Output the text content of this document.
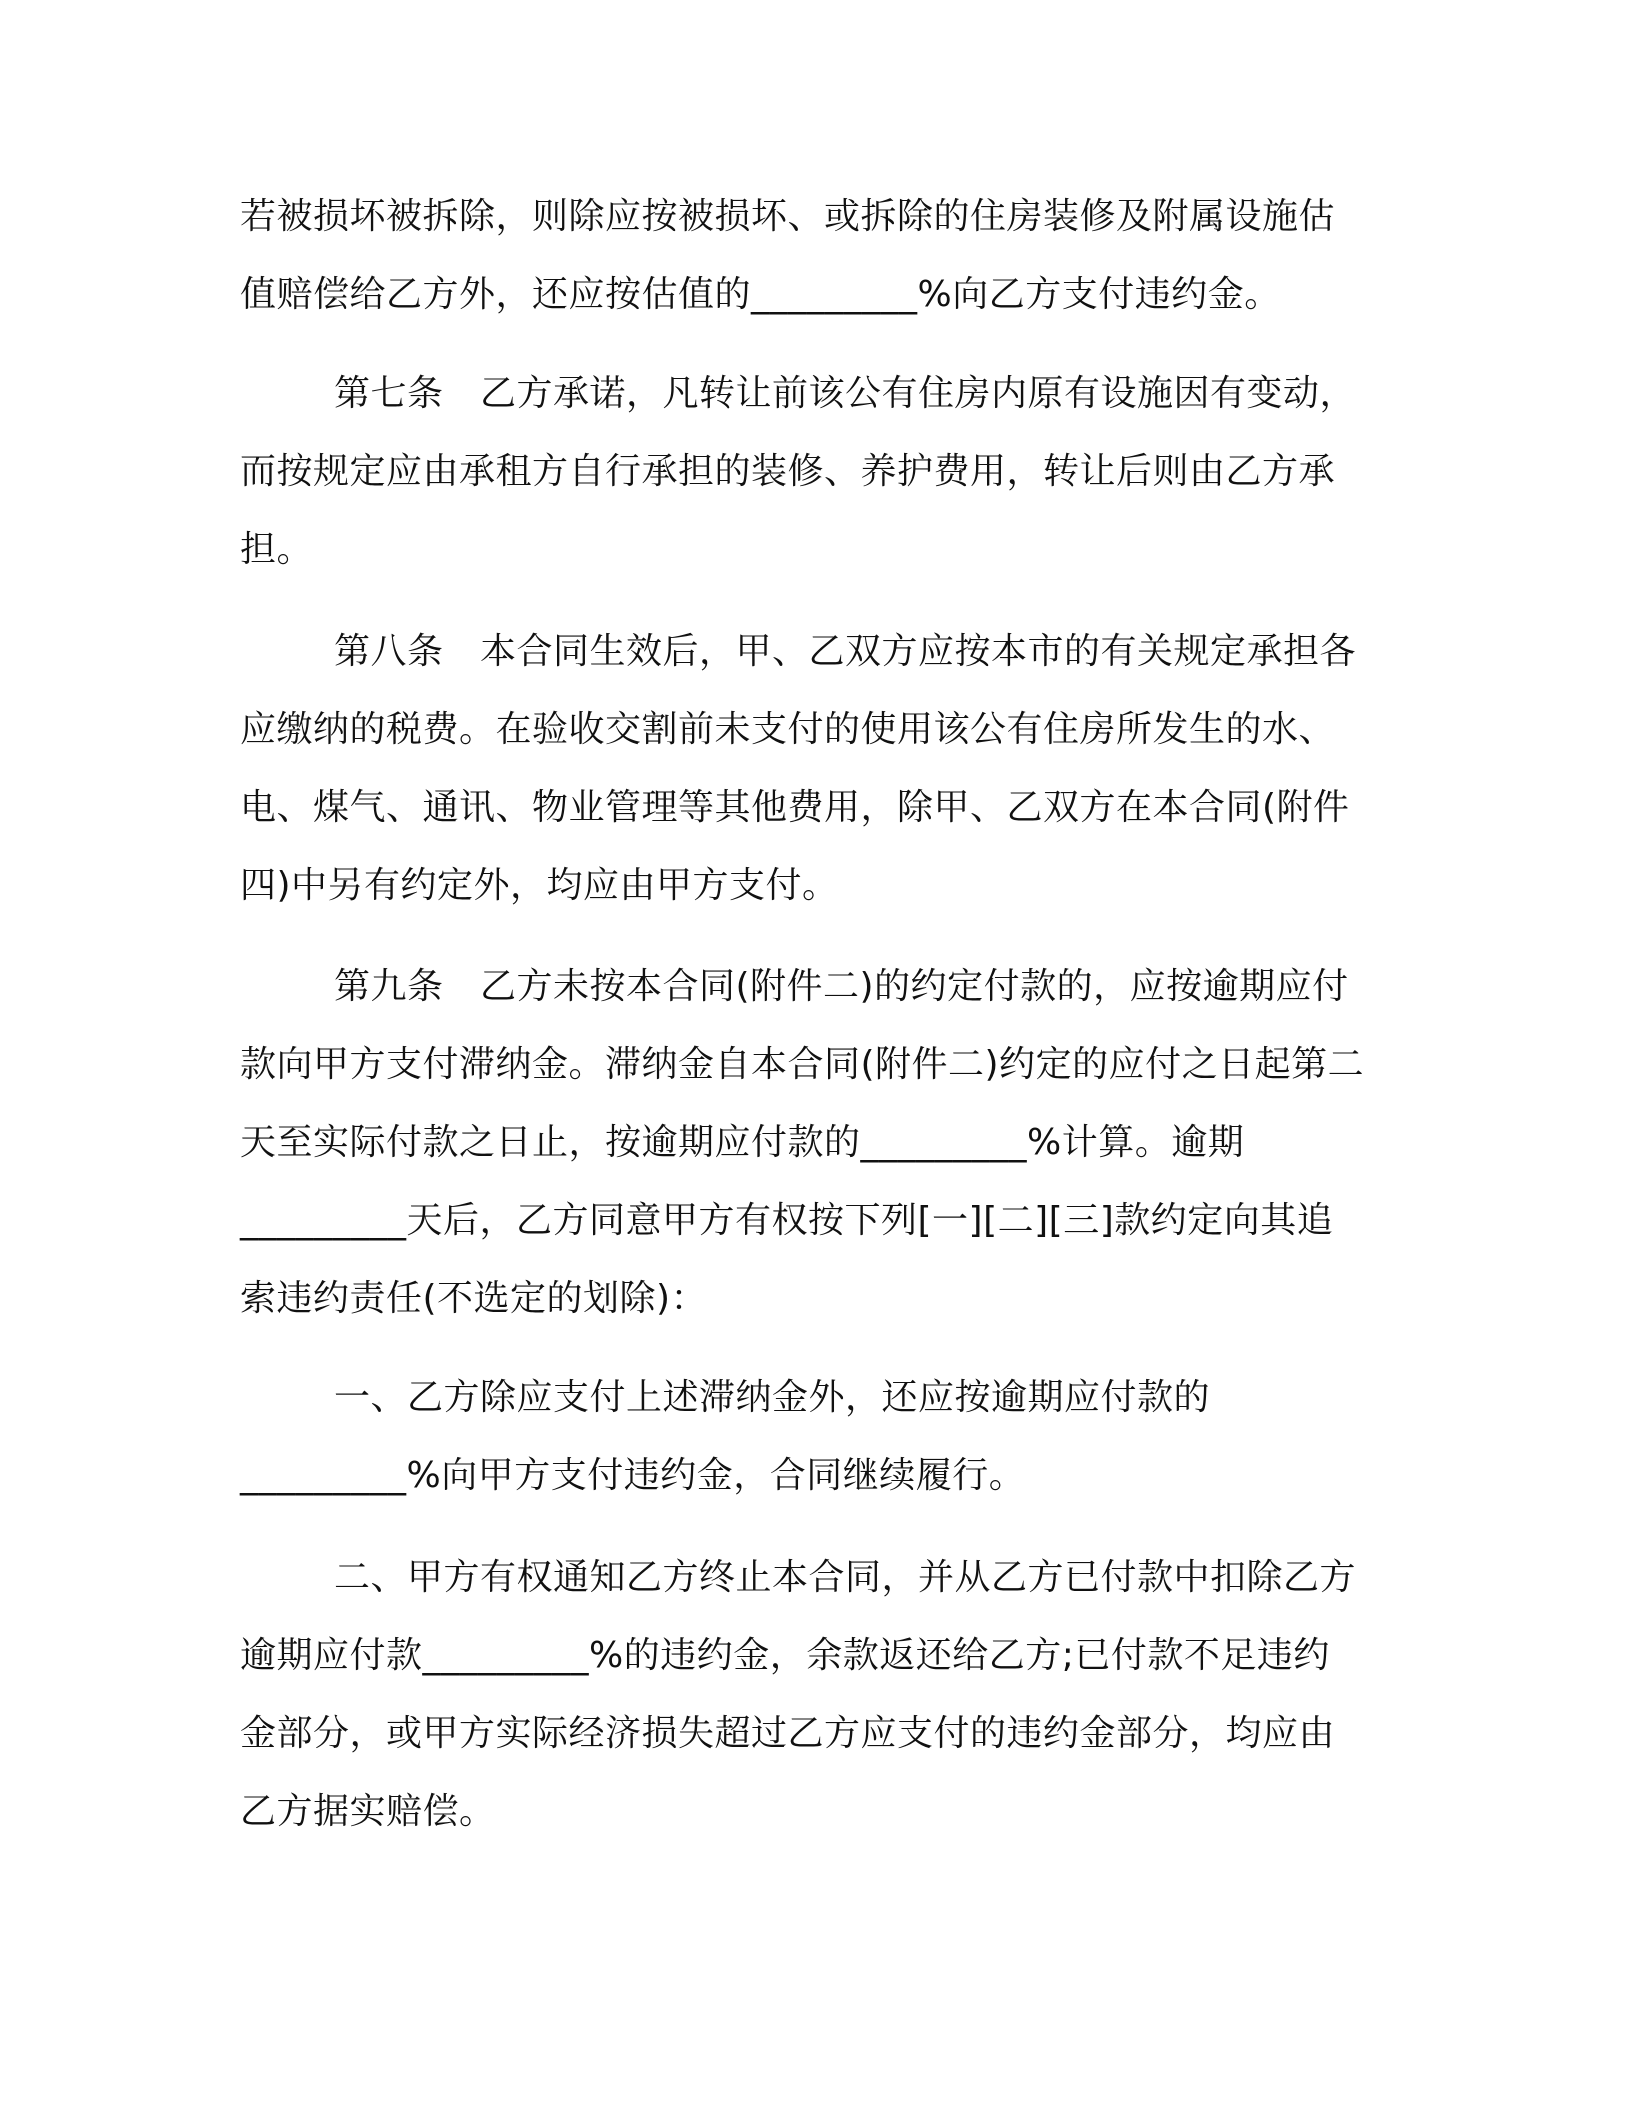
若被损坏被拆除，则除应按被损坏、或拆除的住房装修及附属设施估
值赔偿给乙方外，还应按估值的_________%向乙方支付违约金。
第七条　乙方承诺，凡转让前该公有住房内原有设施因有变动，
而按规定应由承租方自行承担的装修、养护费用，转让后则由乙方承
担。
第八条　本合同生效后，甲、乙双方应按本市的有关规定承担各
应缴纳的税费。在验收交割前未支付的使用该公有住房所发生的水、
电、煤气、通讯、物业管理等其他费用，除甲、乙双方在本合同(附件
四)中另有约定外，均应由甲方支付。
第九条　乙方未按本合同(附件二)的约定付款的，应按逾期应付
款向甲方支付滞纳金。滞纳金自本合同(附件二)约定的应付之日起第二
天至实际付款之日止，按逾期应付款的_________%计算。逾期
_________天后，乙方同意甲方有权按下列[一][二][三]款约定向其追
索违约责任(不选定的划除)：
一、乙方除应支付上述滞纳金外，还应按逾期应付款的
_________%向甲方支付违约金，合同继续履行。
二、甲方有权通知乙方终止本合同，并从乙方已付款中扣除乙方
逾期应付款_________%的违约金，余款返还给乙方;已付款不足违约
金部分，或甲方实际经济损失超过乙方应支付的违约金部分，均应由
乙方据实赔偿。
